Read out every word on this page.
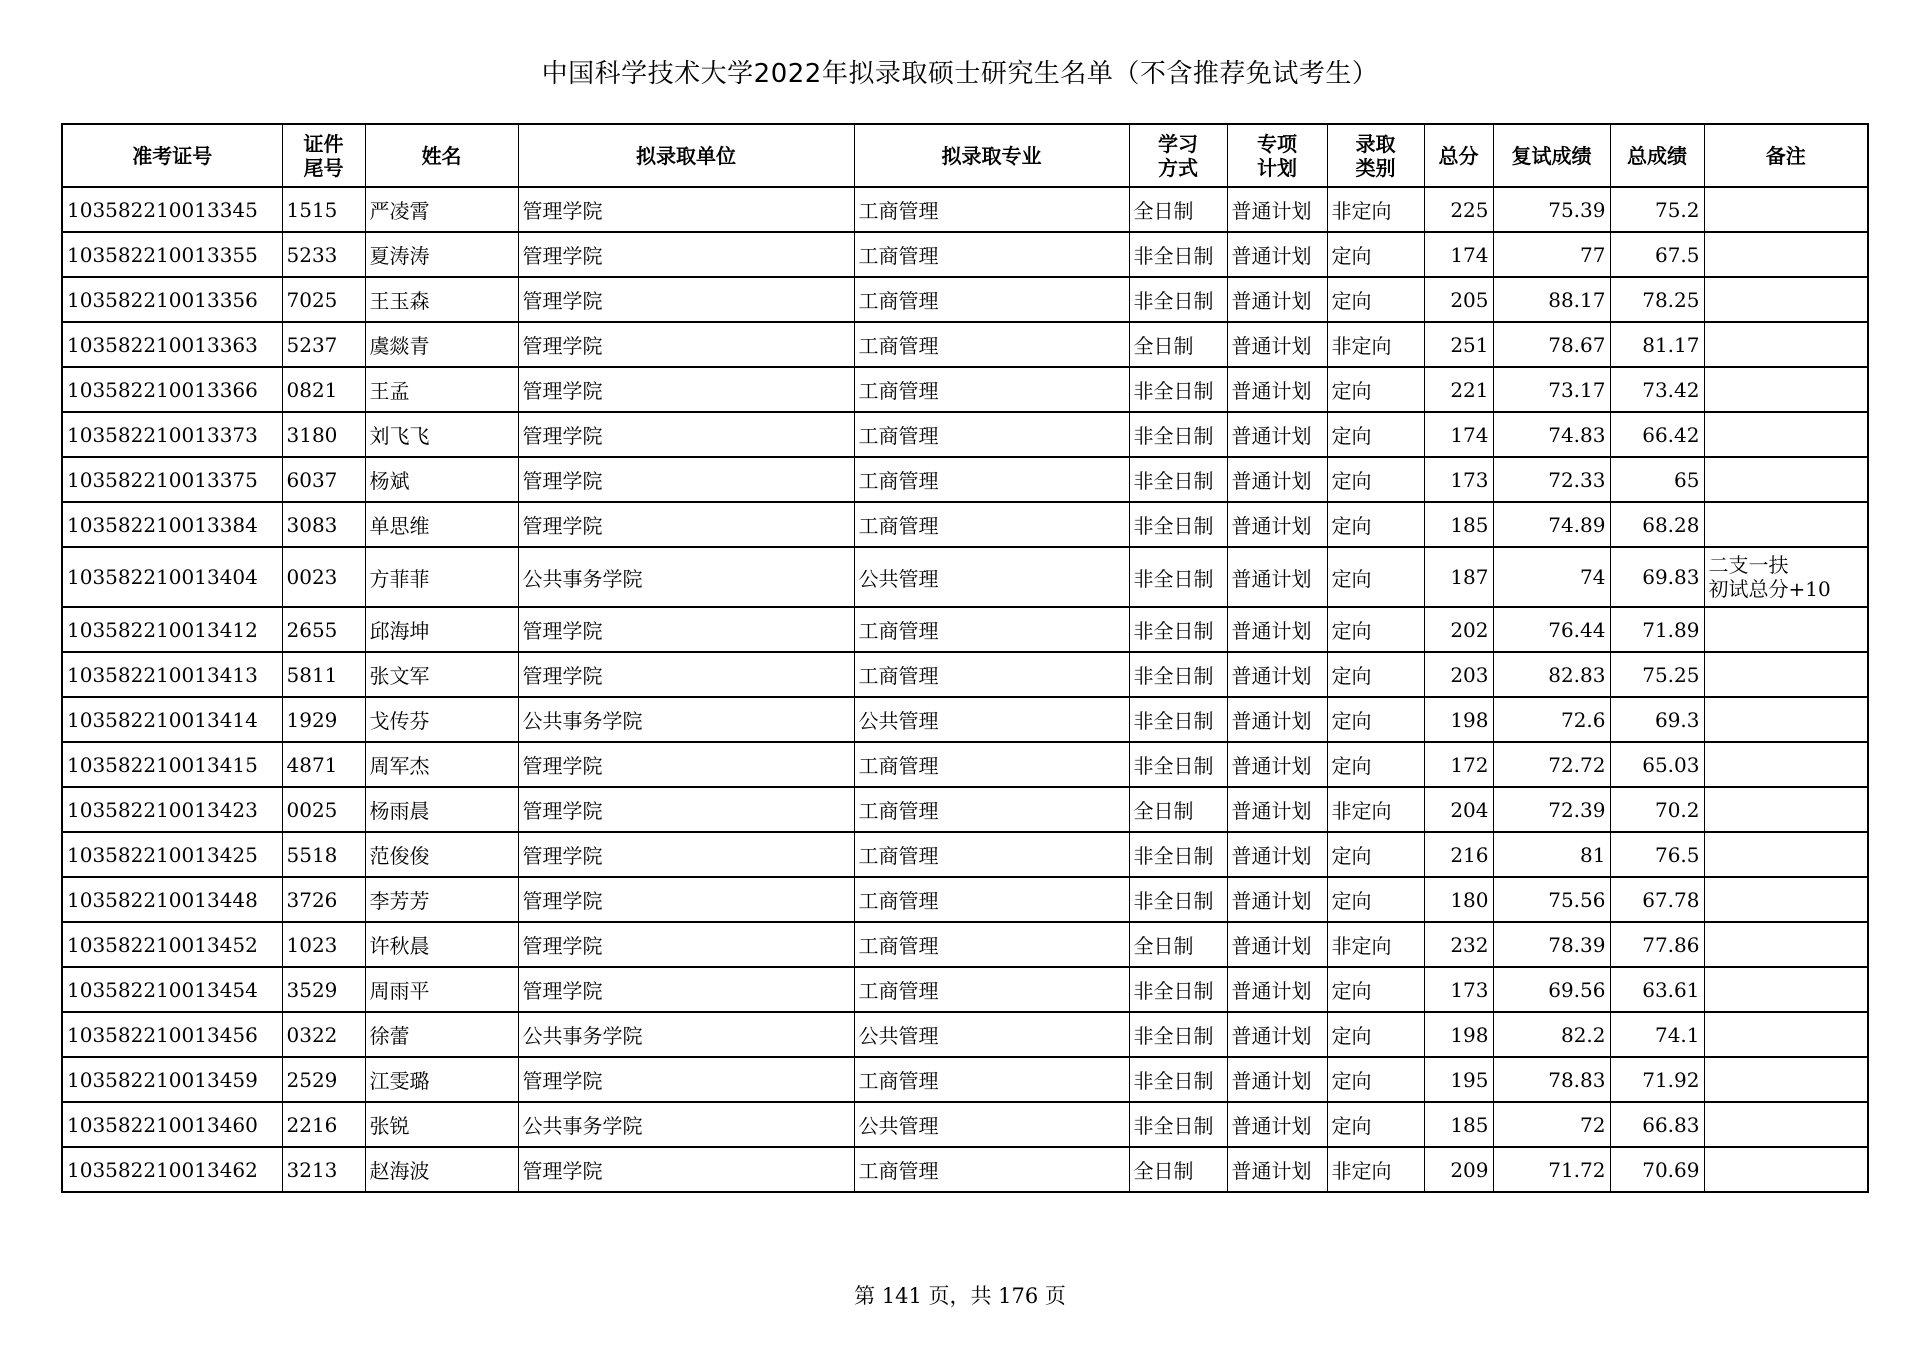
中国科学技术大学2022年拟录取硕士研究生名单（不含推荐免试考生）
准考证号	证件尾号	姓名	拟录取单位	拟录取专业	学习方式	专项计划	录取类别	总分	复试成绩	总成绩	备注
103582210013345	1515	严凌霄	管理学院	工商管理	全日制	普通计划	非定向	225	75.39	75.2	
103582210013355	5233	夏涛涛	管理学院	工商管理	非全日制	普通计划	定向	174	77	67.5	
103582210013356	7025	王玉森	管理学院	工商管理	非全日制	普通计划	定向	205	88.17	78.25	
103582210013363	5237	虞燚青	管理学院	工商管理	全日制	普通计划	非定向	251	78.67	81.17	
103582210013366	0821	王孟	管理学院	工商管理	非全日制	普通计划	定向	221	73.17	73.42	
103582210013373	3180	刘飞飞	管理学院	工商管理	非全日制	普通计划	定向	174	74.83	66.42	
103582210013375	6037	杨斌	管理学院	工商管理	非全日制	普通计划	定向	173	72.33	65	
103582210013384	3083	单思维	管理学院	工商管理	非全日制	普通计划	定向	185	74.89	68.28	
103582210013404	0023	方菲菲	公共事务学院	公共管理	非全日制	普通计划	定向	187	74	69.83	二支一扶
初试总分+10
103582210013412	2655	邱海坤	管理学院	工商管理	非全日制	普通计划	定向	202	76.44	71.89	
103582210013413	5811	张文军	管理学院	工商管理	非全日制	普通计划	定向	203	82.83	75.25	
103582210013414	1929	戈传芬	公共事务学院	公共管理	非全日制	普通计划	定向	198	72.6	69.3	
103582210013415	4871	周军杰	管理学院	工商管理	非全日制	普通计划	定向	172	72.72	65.03	
103582210013423	0025	杨雨晨	管理学院	工商管理	全日制	普通计划	非定向	204	72.39	70.2	
103582210013425	5518	范俊俊	管理学院	工商管理	非全日制	普通计划	定向	216	81	76.5	
103582210013448	3726	李芳芳	管理学院	工商管理	非全日制	普通计划	定向	180	75.56	67.78	
103582210013452	1023	许秋晨	管理学院	工商管理	全日制	普通计划	非定向	232	78.39	77.86	
103582210013454	3529	周雨平	管理学院	工商管理	非全日制	普通计划	定向	173	69.56	63.61	
103582210013456	0322	徐蕾	公共事务学院	公共管理	非全日制	普通计划	定向	198	82.2	74.1	
103582210013459	2529	江雯璐	管理学院	工商管理	非全日制	普通计划	定向	195	78.83	71.92	
103582210013460	2216	张锐	公共事务学院	公共管理	非全日制	普通计划	定向	185	72	66.83	
103582210013462	3213	赵海波	管理学院	工商管理	全日制	普通计划	非定向	209	71.72	70.69	
第 141 页，共 176 页
